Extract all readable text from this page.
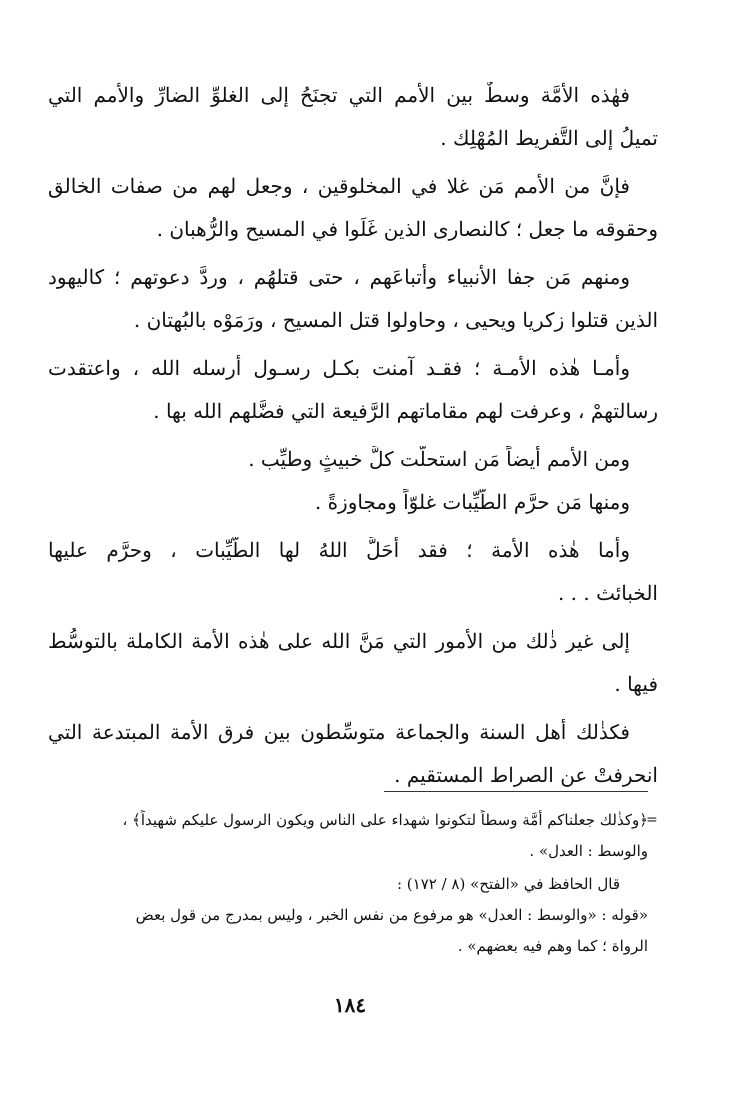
فهٰذه الأمَّة وسطٌ بين الأمم التي تجنَحُ إلى الغلوِّ الضارِّ والأمم التي

تميلُ إلى التَّفريط المُهْلِك .

فإنَّ من الأمم مَن غلا في المخلوقين ، وجعل لهم من صفات الخالق

وحقوقه ما جعل ؛ كالنصارى الذين غَلَوا في المسيح والرُّهبان .

ومنهم مَن جفا الأنبياء وأتباعَهم ، حتى قتلهُم ، وردَّ دعوتهم ؛ كاليهود

الذين قتلوا زكريا ويحيى ، وحاولوا قتل المسيح ، ورَمَوْه بالبُهتان .

وأمـا هٰذه الأمـة ؛ فقـد آمنت بكـل رسـول أرسله الله ، واعتقدت

رسالتهمْ ، وعرفت لهم مقاماتهم الرَّفيعة التي فضَّلهم الله بها .

ومن الأمم أيضاً مَن استحلَّت كلَّ خبيثٍ وطيِّب .

ومنها مَن حرَّم الطَّيِّبات غلوّاً ومجاوزةً .

وأما هٰذه الأمة ؛ فقد أحَلَّ اللهُ لها الطَّيِّبات ، وحرَّم عليها

الخبائث . . .

إلى غير ذٰلك من الأمور التي مَنَّ الله على هٰذه الأمة الكاملة بالتوسُّط

فيها .

فكذٰلك أهل السنة والجماعة متوسِّطون بين فرق الأمة المبتدعة التي

انحرفتْ عن الصراط المستقيم .

=

﴿وكذٰلك جعلناكم أمَّة وسطاً لتكونوا شهداء على الناس ويكون الرسول عليكم شهيداً﴾ ،

والوسط : العدل» .

قال الحافظ في «الفتح» (٨ / ١٧٢) :

«قوله : «والوسط : العدل» هو مرفوع من نفس الخبر ، وليس بمدرج من قول بعض

الرواة ؛ كما وهم فيه بعضهم» .

١٨٤
